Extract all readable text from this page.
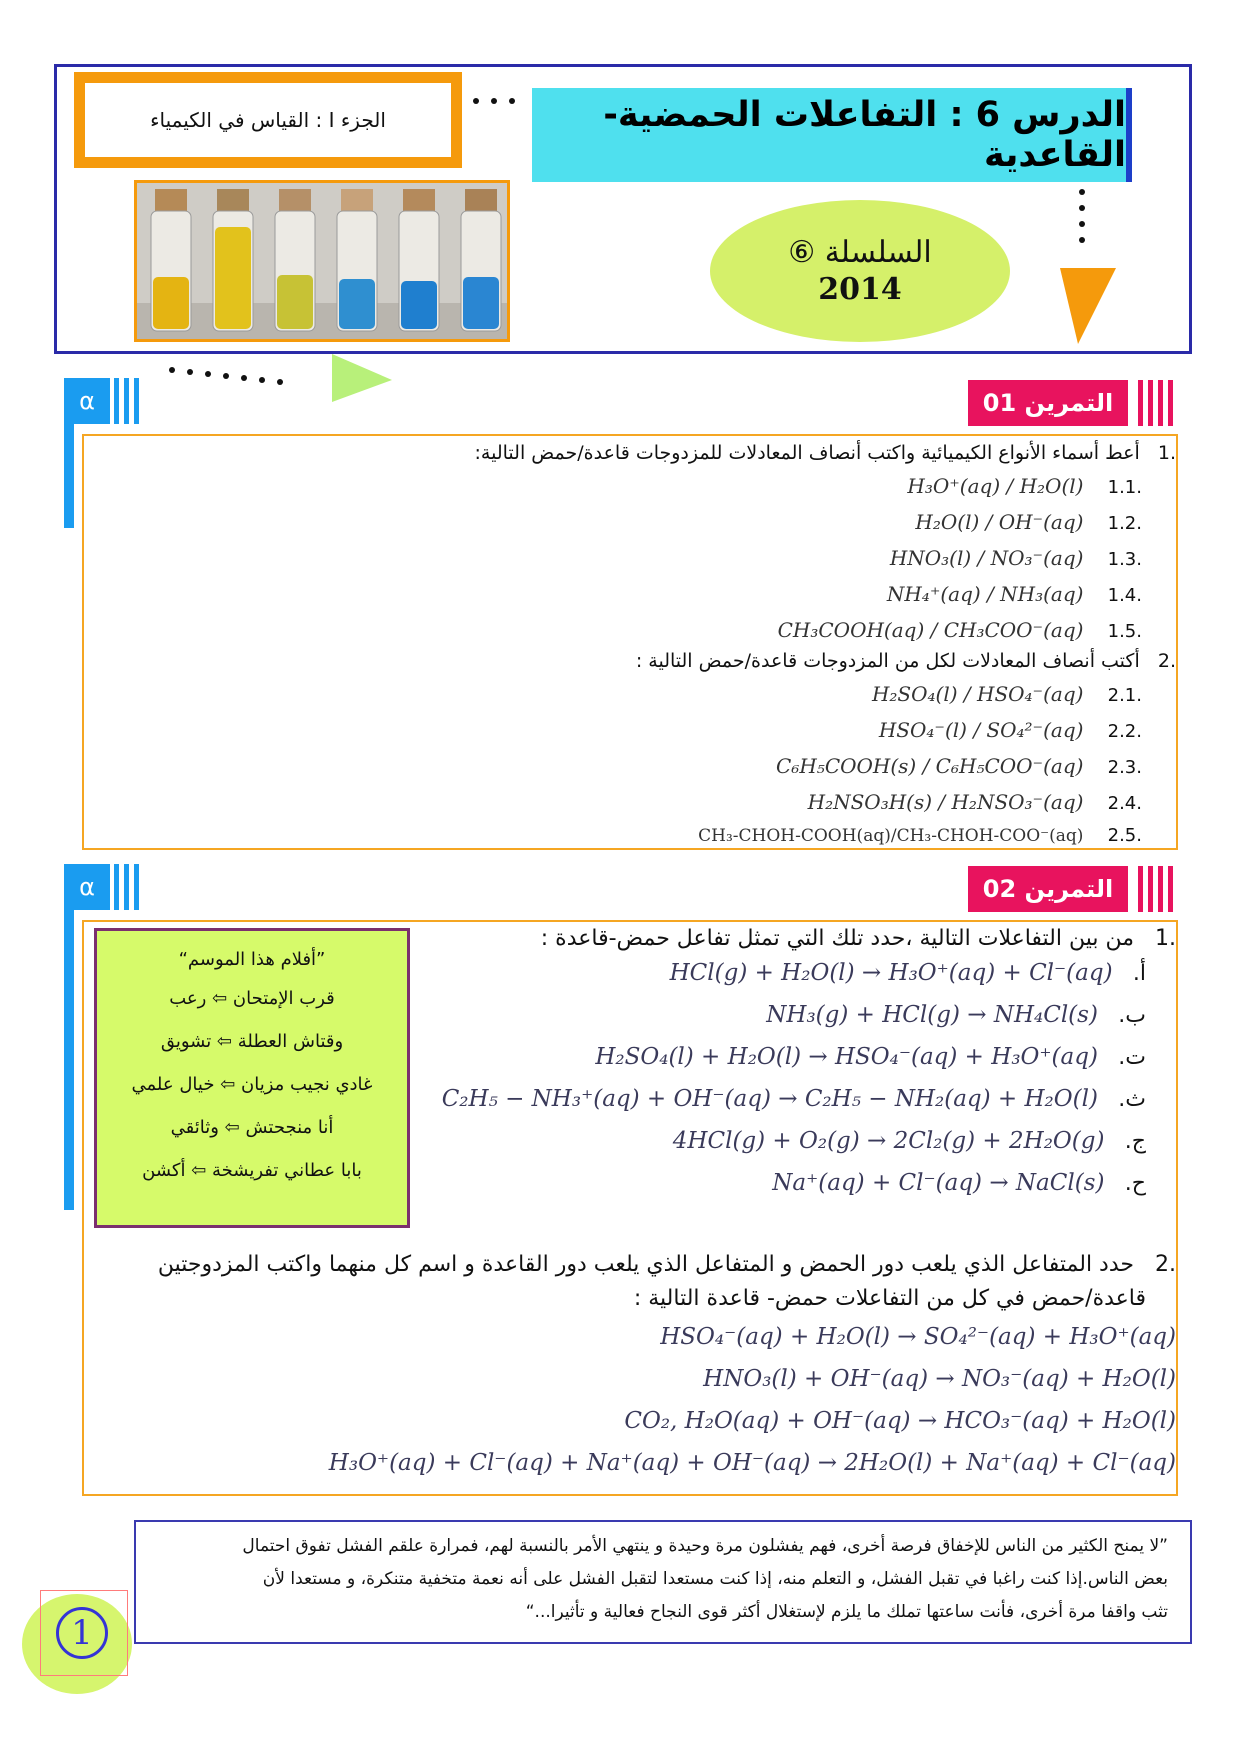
الجزء I : القياس في الكيمياء	الدرس 6 : التفاعلات الحمضية-القاعدية
السلسلة ⑥
2014
α	التمرين 01
.1   أعط أسماء الأنواع الكيميائية واكتب أنصاف المعادلات للمزدوجات قاعدة/حمض التالية:
.1.1    H₃O⁺(aq) / H₂O(l)
.1.2    H₂O(l) / OH⁻(aq)
.1.3    HNO₃(l) / NO₃⁻(aq)
.1.4    NH₄⁺(aq) / NH₃(aq)
.1.5    CH₃COOH(aq) / CH₃COO⁻(aq)
.2   أكتب أنصاف المعادلات لكل من المزدوجات قاعدة/حمض التالية :
.2.1    H₂SO₄(l) / HSO₄⁻(aq)
.2.2    HSO₄⁻(l) / SO₄²⁻(aq)
.2.3    C₆H₅COOH(s) / C₆H₅COO⁻(aq)
.2.4    H₂NSO₃H(s) / H₂NSO₃⁻(aq)
.2.5    CH₃-CHOH-COOH(aq)/CH₃-CHOH-COO⁻(aq)
α	التمرين 02
”أفلام هذا الموسم“
قرب الإمتحان ⇦ رعب
وقتاش العطلة ⇦ تشويق
غادي نجيب مزيان ⇦ خيال علمي
أنا منجحتش ⇦ وثائقي
بابا عطاني تفريشخة ⇦ أكشن
.1   من بين التفاعلات التالية ،حدد تلك التي تمثل تفاعل حمض-قاعدة :
أ.    HCl(g) + H₂O(l) → H₃O⁺(aq) + Cl⁻(aq)
ب.    NH₃(g) + HCl(g) → NH₄Cl(s)
ت.    H₂SO₄(l) + H₂O(l) → HSO₄⁻(aq) + H₃O⁺(aq)
ث.    C₂H₅ − NH₃⁺(aq) + OH⁻(aq) → C₂H₅ − NH₂(aq) + H₂O(l)
ج.    4HCl(g) + O₂(g) → 2Cl₂(g) + 2H₂O(g)
ح.    Na⁺(aq) + Cl⁻(aq) → NaCl(s)
.2   حدد المتفاعل الذي يلعب دور الحمض و المتفاعل الذي يلعب دور القاعدة و اسم كل منهما واكتب المزدوجتين
قاعدة/حمض في كل من التفاعلات حمض- قاعدة التالية :
HSO₄⁻(aq) + H₂O(l) → SO₄²⁻(aq) + H₃O⁺(aq)
HNO₃(l) + OH⁻(aq) → NO₃⁻(aq) + H₂O(l)
CO₂, H₂O(aq) + OH⁻(aq) → HCO₃⁻(aq) + H₂O(l)
H₃O⁺(aq) + Cl⁻(aq) + Na⁺(aq) + OH⁻(aq) → 2H₂O(l) + Na⁺(aq) + Cl⁻(aq)
”لا يمنح الكثير من الناس للإخفاق فرصة أخرى، فهم يفشلون مرة وحيدة و ينتهي الأمر بالنسبة لهم، فمرارة علقم الفشل تفوق احتمال
بعض الناس.إذا كنت راغبا في تقبل الفشل، و التعلم منه، إذا كنت مستعدا لتقبل الفشل على أنه نعمة متخفية متنكرة، و مستعدا لأن
تثب واقفا مرة أخرى، فأنت ساعتها تملك ما يلزم لإستغلال أكثر قوى النجاح فعالية و تأثيرا...“
1
